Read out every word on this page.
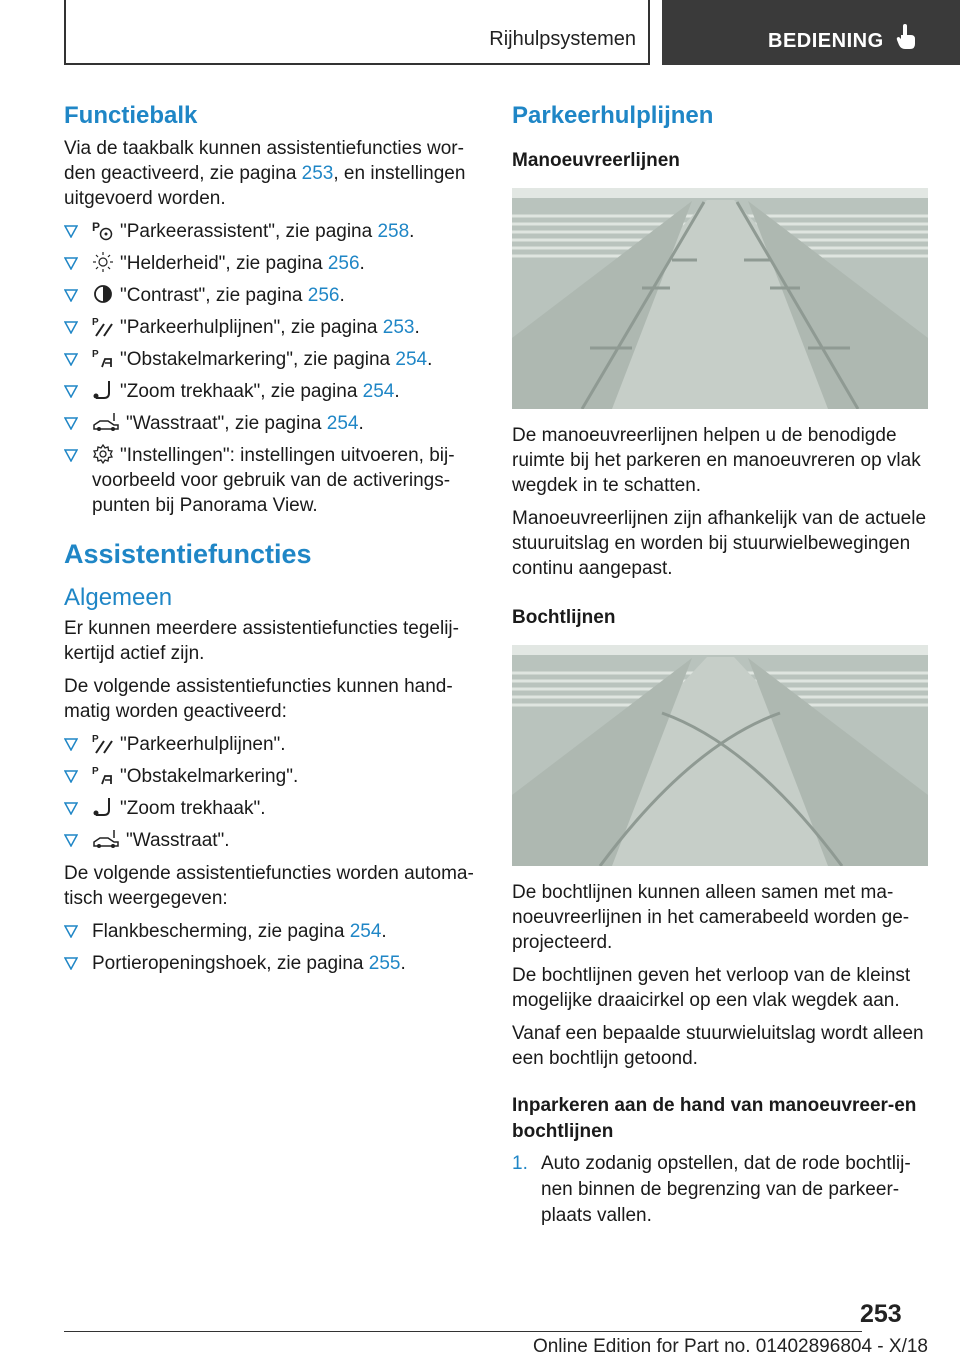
Rijhulpsystemen	BEDIENING
Functiebalk

Via de taakbalk kunnen assistentiefuncties wor-den geactiveerd, zie pagina 253, en instellingen uitgevoerd worden.

P "Parkeerassistent", zie pagina 258.
"Helderheid", zie pagina 256.
"Contrast", zie pagina 256.
P "Parkeerhulplijnen", zie pagina 253.
P "Obstakelmarkering", zie pagina 254.
"Zoom trekhaak", zie pagina 254.
"Wasstraat", zie pagina 254.
"Instellingen": instellingen uitvoeren, bij-voorbeeld voor gebruik van de activerings-punten bij Panorama View.
Assistentiefuncties
Algemeen

Er kunnen meerdere assistentiefuncties tegelij-kertijd actief zijn.

De volgende assistentiefuncties kunnen hand-matig worden geactiveerd:

P "Parkeerhulplijnen".
P "Obstakelmarkering".
"Zoom trekhaak".
"Wasstraat".

De volgende assistentiefuncties worden automa-tisch weergegeven:

Flankbescherming, zie pagina 254.
Portieropeningshoek, zie pagina 255.
Parkeerhulplijnen
Manoeuvreerlijnen

De manoeuvreerlijnen helpen u de benodigde ruimte bij het parkeren en manoeuvreren op vlak wegdek in te schatten.

Manoeuvreerlijnen zijn afhankelijk van de actuele stuuruitslag en worden bij stuurwielbewegingen continu aangepast.

Bochtlijnen

De bochtlijnen kunnen alleen samen met ma-noeuvreerlijnen in het camerabeeld worden ge-projecteerd.

De bochtlijnen geven het verloop van de kleinst mogelijke draaicirkel op een vlak wegdek aan.

Vanaf een bepaalde stuurwieluitslag wordt alleen een bochtlijn getoond.

Inparkeren aan de hand van manoeuvreer-en bochtlijnen
1. Auto zodanig opstellen, dat de rode bochtlij-nen binnen de begrenzing van de parkeer-plaats vallen.
253
Online Edition for Part no. 01402896804 - X/18
